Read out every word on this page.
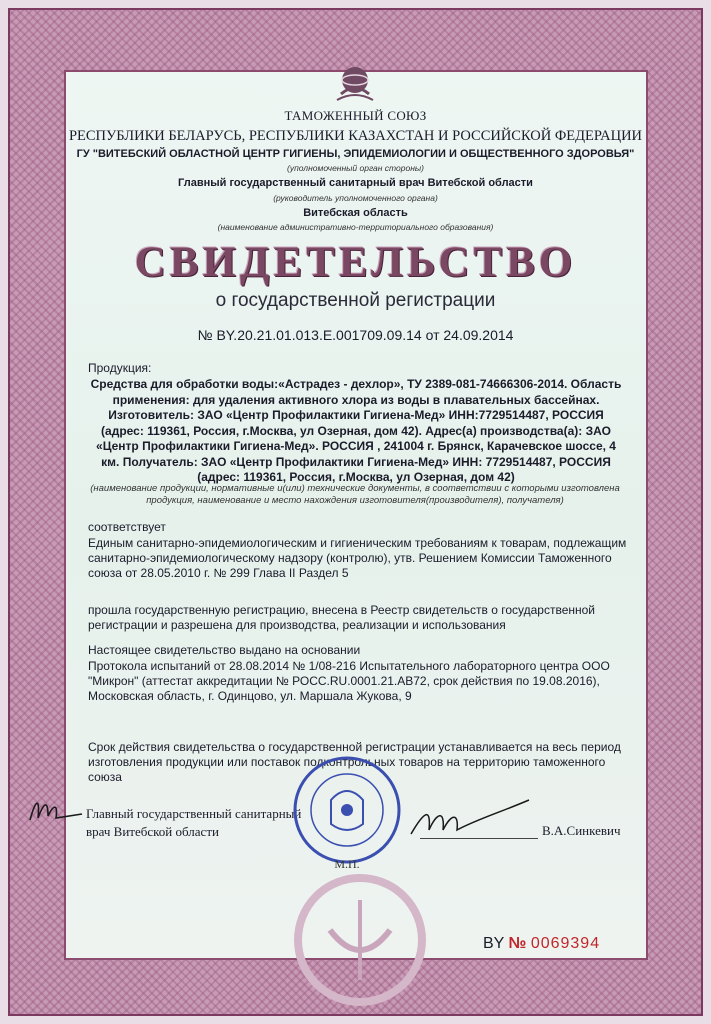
ТАМОЖЕННЫЙ СОЮЗ
РЕСПУБЛИКИ БЕЛАРУСЬ, РЕСПУБЛИКИ КАЗАХСТАН И РОССИЙСКОЙ ФЕДЕРАЦИИ
ГУ "ВИТЕБСКИЙ ОБЛАСТНОЙ ЦЕНТР ГИГИЕНЫ, ЭПИДЕМИОЛОГИИ И ОБЩЕСТВЕННОГО ЗДОРОВЬЯ"
(уполномоченный орган стороны)
Главный государственный санитарный врач Витебской области
(руководитель уполномоченного органа)
Витебская область
(наименование административно-территориального образования)
СВИДЕТЕЛЬСТВО
о государственной регистрации
№ BY.20.21.01.013.Е.001709.09.14 от 24.09.2014
Продукция:
Средства для обработки воды:«Астрадез - дехлор», ТУ 2389-081-74666306-2014. Область применения: для удаления активного хлора из воды в плавательных бассейнах. Изготовитель: ЗАО «Центр Профилактики Гигиена-Мед» ИНН:7729514487, РОССИЯ (адрес: 119361, Россия, г.Москва, ул Озерная, дом 42). Адрес(а) производства(а): ЗАО «Центр Профилактики Гигиена-Мед». РОССИЯ , 241004 г. Брянск, Карачевское шоссе, 4 км. Получатель: ЗАО «Центр Профилактики Гигиена-Мед» ИНН: 7729514487, РОССИЯ (адрес: 119361, Россия, г.Москва, ул Озерная, дом 42)
(наименование продукции, нормативные и(или) технические документы, в соответствии с которыми изготовлена продукция, наименование и место нахождения изготовителя(производителя), получателя)
соответствует
Единым санитарно-эпидемиологическим и гигиеническим требованиям к товарам, подлежащим санитарно-эпидемиологическому надзору (контролю), утв. Решением Комиссии Таможенного союза от 28.05.2010 г. № 299 Глава II Раздел 5
прошла государственную регистрацию, внесена в Реестр свидетельств о государственной регистрации и разрешена для производства, реализации и использования
Настоящее свидетельство выдано на основании
Протокола испытаний от 28.08.2014 № 1/08-216 Испытательного лабораторного центра ООО "Микрон" (аттестат аккредитации № РОСС.RU.0001.21.АВ72, срок действия по 19.08.2016), Московская область, г. Одинцово, ул. Маршала Жукова, 9
Срок действия свидетельства о государственной регистрации устанавливается на весь период изготовления продукции или поставок подконтрольных товаров на территорию таможенного союза
Главный государственный санитарный врач Витебской области
М.П.
В.А.Синкевич
BY № 0069394
